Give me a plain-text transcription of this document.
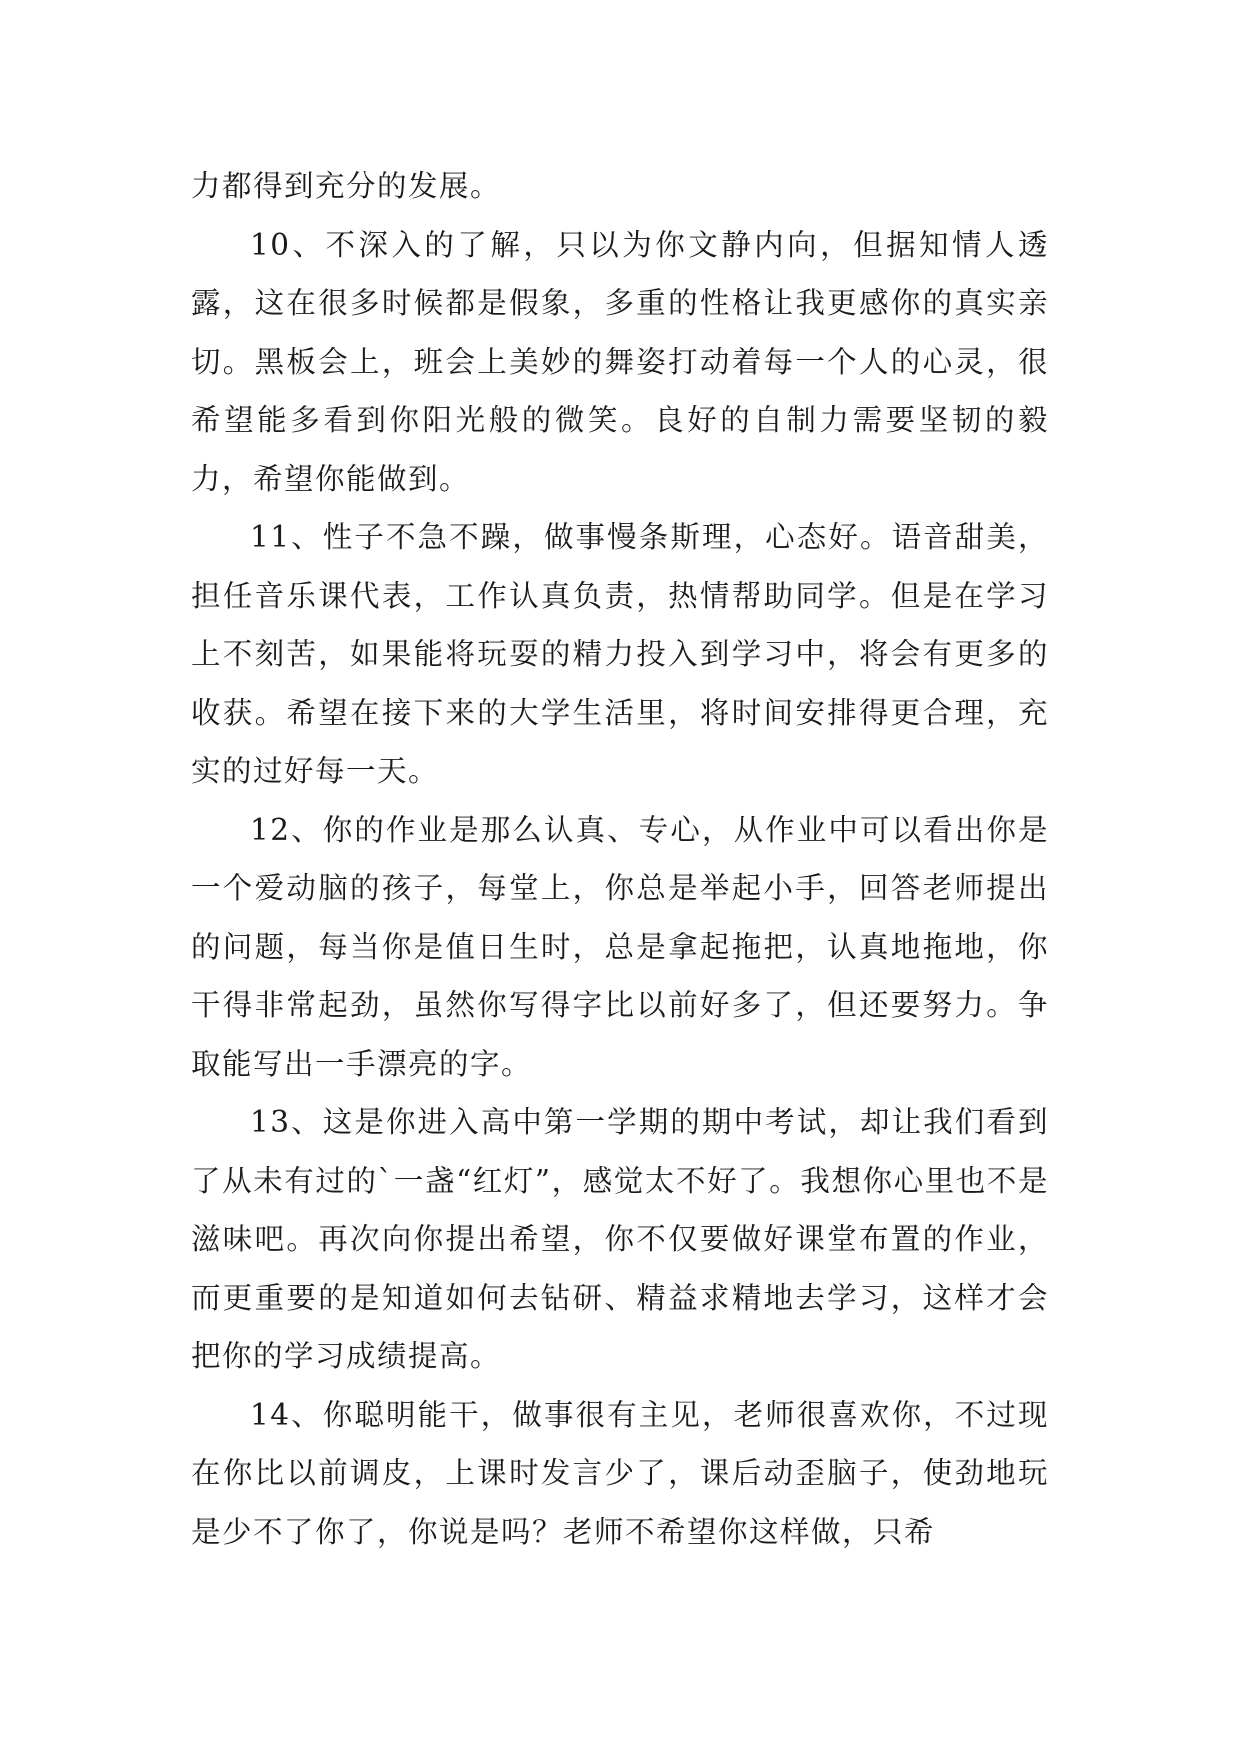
力都得到充分的发展。

10、不深入的了解，只以为你文静内向，但据知情人透露，这在很多时候都是假象，多重的性格让我更感你的真实亲切。黑板会上，班会上美妙的舞姿打动着每一个人的心灵，很希望能多看到你阳光般的微笑。良好的自制力需要坚韧的毅力，希望你能做到。

11、性子不急不躁，做事慢条斯理，心态好。语音甜美，担任音乐课代表，工作认真负责，热情帮助同学。但是在学习上不刻苦，如果能将玩耍的精力投入到学习中，将会有更多的收获。希望在接下来的大学生活里，将时间安排得更合理，充实的过好每一天。

12、你的作业是那么认真、专心，从作业中可以看出你是一个爱动脑的孩子，每堂上，你总是举起小手，回答老师提出的问题，每当你是值日生时，总是拿起拖把，认真地拖地，你干得非常起劲，虽然你写得字比以前好多了，但还要努力。争取能写出一手漂亮的字。

13、这是你进入高中第一学期的期中考试，却让我们看到了从未有过的`一盏“红灯”，感觉太不好了。我想你心里也不是滋味吧。再次向你提出希望，你不仅要做好课堂布置的作业，而更重要的是知道如何去钻研、精益求精地去学习，这样才会把你的学习成绩提高。

14、你聪明能干，做事很有主见，老师很喜欢你，不过现在你比以前调皮，上课时发言少了，课后动歪脑子，使劲地玩是少不了你了，你说是吗？老师不希望你这样做，只希
